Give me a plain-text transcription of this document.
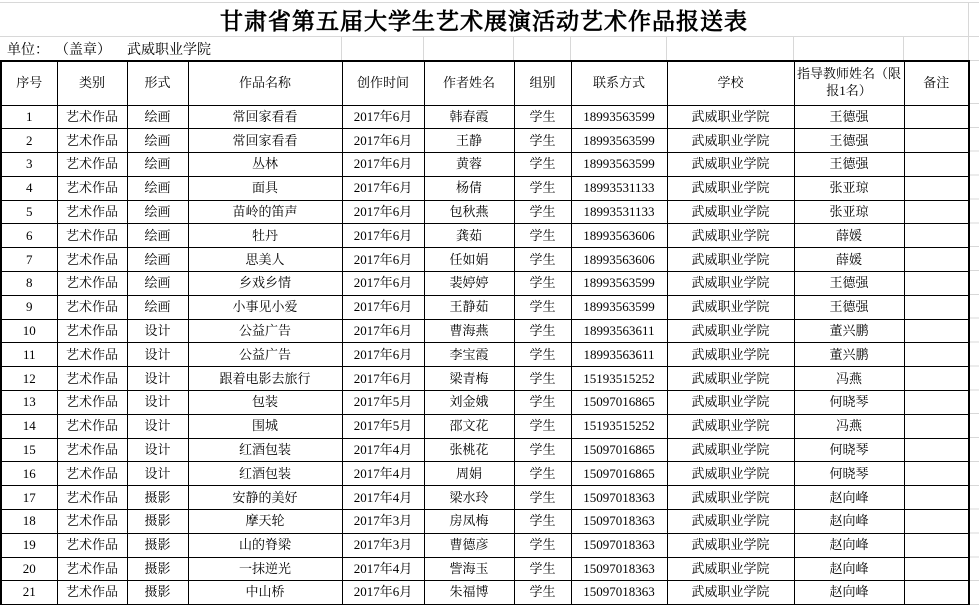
甘肃省第五届大学生艺术展演活动艺术作品报送表
单位： （盖章） 武威职业学院
序号	类别	形式	作品名称	创作时间	作者姓名	组别	联系方式	学校	指导教师姓名（限报1名）	备注
1	艺术作品	绘画	常回家看看	2017年6月	韩春霞	学生	18993563599	武威职业学院	王德强	
2	艺术作品	绘画	常回家看看	2017年6月	王静	学生	18993563599	武威职业学院	王德强	
3	艺术作品	绘画	丛林	2017年6月	黄蓉	学生	18993563599	武威职业学院	王德强	
4	艺术作品	绘画	面具	2017年6月	杨倩	学生	18993531133	武威职业学院	张亚琼	
5	艺术作品	绘画	苗岭的笛声	2017年6月	包秋燕	学生	18993531133	武威职业学院	张亚琼	
6	艺术作品	绘画	牡丹	2017年6月	龚茹	学生	18993563606	武威职业学院	薛媛	
7	艺术作品	绘画	思美人	2017年6月	任如娟	学生	18993563606	武威职业学院	薛媛	
8	艺术作品	绘画	乡戏乡情	2017年6月	裴婷婷	学生	18993563599	武威职业学院	王德强	
9	艺术作品	绘画	小事见小爱	2017年6月	王静茹	学生	18993563599	武威职业学院	王德强	
10	艺术作品	设计	公益广告	2017年6月	曹海燕	学生	18993563611	武威职业学院	董兴鹏	
11	艺术作品	设计	公益广告	2017年6月	李宝霞	学生	18993563611	武威职业学院	董兴鹏	
12	艺术作品	设计	跟着电影去旅行	2017年6月	梁青梅	学生	15193515252	武威职业学院	冯燕	
13	艺术作品	设计	包装	2017年5月	刘金娥	学生	15097016865	武威职业学院	何晓琴	
14	艺术作品	设计	围城	2017年5月	邵文花	学生	15193515252	武威职业学院	冯燕	
15	艺术作品	设计	红酒包装	2017年4月	张桃花	学生	15097016865	武威职业学院	何晓琴	
16	艺术作品	设计	红酒包装	2017年4月	周娟	学生	15097016865	武威职业学院	何晓琴	
17	艺术作品	摄影	安静的美好	2017年4月	梁水玲	学生	15097018363	武威职业学院	赵向峰	
18	艺术作品	摄影	摩天轮	2017年3月	房凤梅	学生	15097018363	武威职业学院	赵向峰	
19	艺术作品	摄影	山的脊梁	2017年3月	曹德彦	学生	15097018363	武威职业学院	赵向峰	
20	艺术作品	摄影	一抹逆光	2017年4月	訾海玉	学生	15097018363	武威职业学院	赵向峰	
21	艺术作品	摄影	中山桥	2017年6月	朱福博	学生	15097018363	武威职业学院	赵向峰	
